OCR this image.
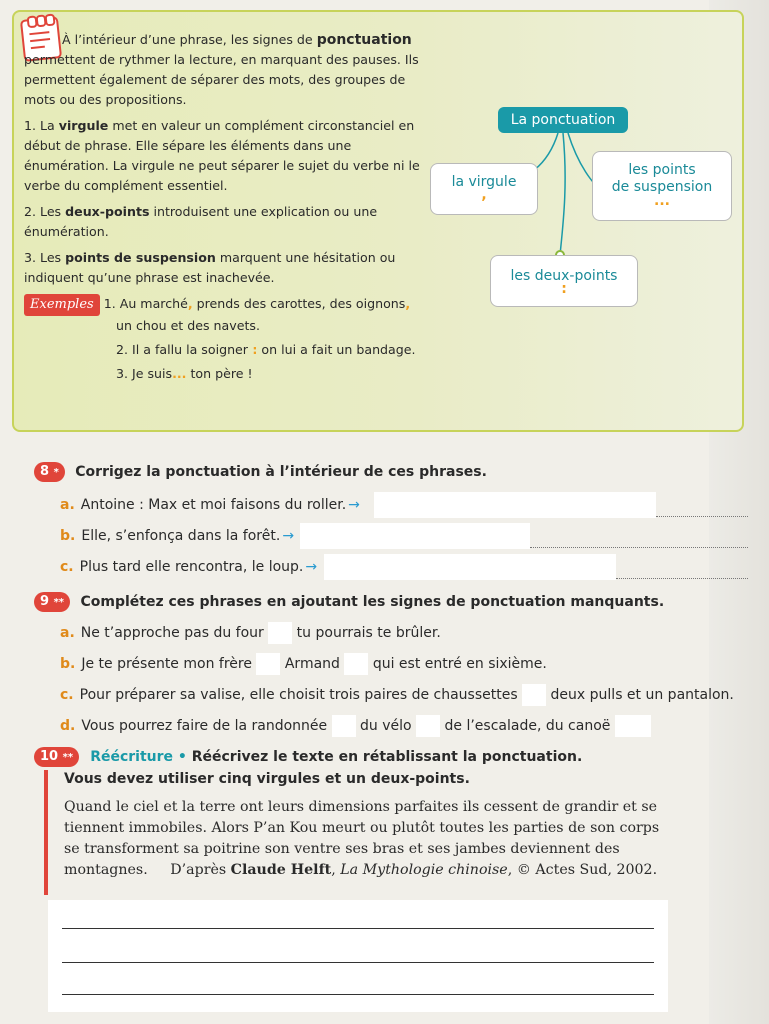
À l’intérieur d’une phrase, les signes de ponctuation permettent de rythmer la lecture, en marquant des pauses. Ils permettent également de séparer des mots, des groupes de mots ou des propositions.

1. La virgule met en valeur un complément circonstanciel en début de phrase. Elle sépare les éléments dans une énumération. La virgule ne peut séparer le sujet du verbe ni le verbe du complément essentiel.

2. Les deux-points introduisent une explication ou une énumération.

3. Les points de suspension marquent une hésitation ou indiquent qu’une phrase est inachevée.

Exemples 1. Au marché, prends des carottes, des oignons,

un chou et des navets.

2. Il a fallu la soigner : on lui a fait un bandage.

3. Je suis... ton père !

La ponctuation
la virgule
,
les points
de suspension
...
les deux-points
:
8 * Corrigez la ponctuation à l’intérieur de ces phrases.
a. Antoine : Max et moi faisons du roller. →
b. Elle, s’enfonça dans la forêt. →
c. Plus tard elle rencontra, le loup. →
9 ** Complétez ces phrases en ajoutant les signes de ponctuation manquants.
a. Ne t’approche pas du four  tu pourrais te brûler.
b. Je te présente mon frère  Armand  qui est entré en sixième.
c. Pour préparer sa valise, elle choisit trois paires de chaussettes  deux pulls et un pantalon.
d. Vous pourrez faire de la randonnée  du vélo  de l’escalade, du canoë
10 ** Réécriture • Réécrivez le texte en rétablissant la ponctuation.
Vous devez utiliser cinq virgules et un deux-points.
Quand le ciel et la terre ont leurs dimensions parfaites ils cessent de grandir et se tiennent immobiles. Alors P’an Kou meurt ou plutôt toutes les parties de son corps se transforment sa poitrine son ventre ses bras et ses jambes deviennent des montagnes. D’après Claude Helft, La Mythologie chinoise, © Actes Sud, 2002.
